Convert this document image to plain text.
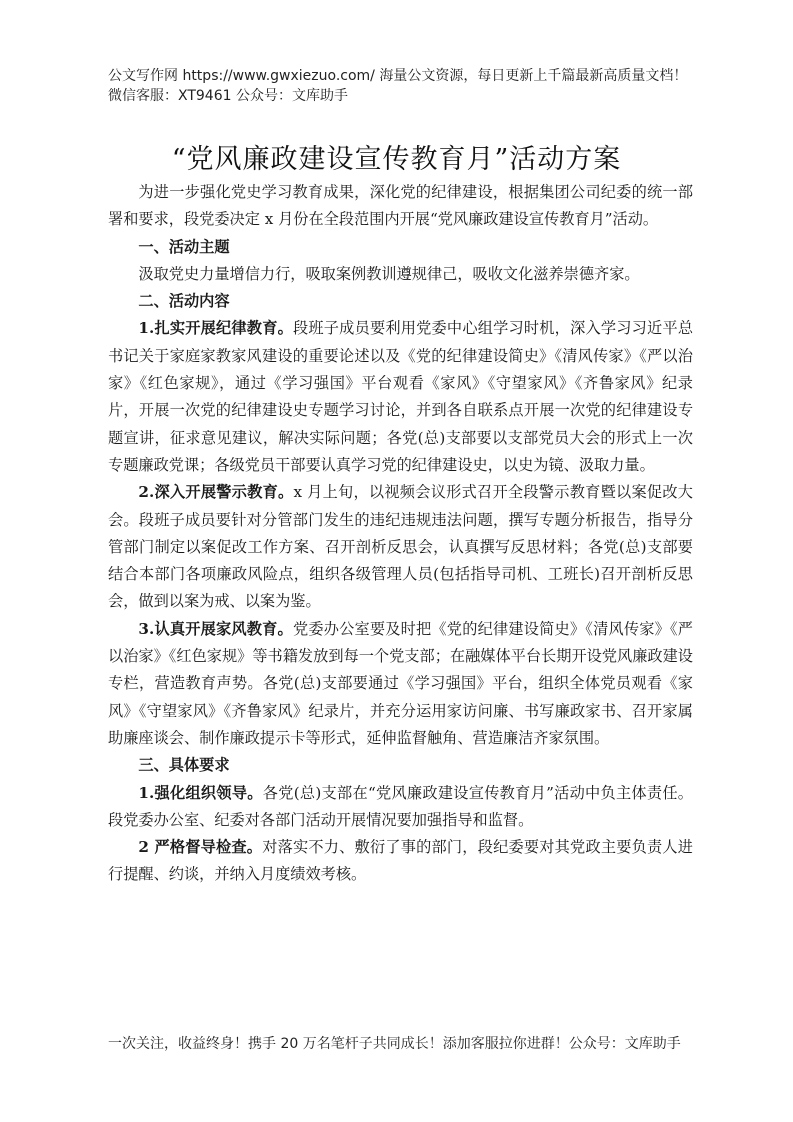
公文写作网 https://www.gwxiezuo.com/ 海量公文资源，每日更新上千篇最新高质量文档！微信客服：XT9461 公众号：文库助手
“党风廉政建设宣传教育月”活动方案

为进一步强化党史学习教育成果，深化党的纪律建设，根据集团公司纪委的统一部署和要求，段党委决定 x 月份在全段范围内开展“党风廉政建设宣传教育月”活动。

一、活动主题

汲取党史力量增信力行，吸取案例教训遵规律己，吸收文化滋养崇德齐家。

二、活动内容

1.扎实开展纪律教育。段班子成员要利用党委中心组学习时机，深入学习习近平总书记关于家庭家教家风建设的重要论述以及《党的纪律建设简史》《清风传家》《严以治家》《红色家规》，通过《学习强国》平台观看《家风》《守望家风》《齐鲁家风》纪录片，开展一次党的纪律建设史专题学习讨论，并到各自联系点开展一次党的纪律建设专题宣讲，征求意见建议，解决实际问题；各党(总)支部要以支部党员大会的形式上一次专题廉政党课；各级党员干部要认真学习党的纪律建设史，以史为镜、汲取力量。

2.深入开展警示教育。x 月上旬，以视频会议形式召开全段警示教育暨以案促改大会。段班子成员要针对分管部门发生的违纪违规违法问题，撰写专题分析报告，指导分管部门制定以案促改工作方案、召开剖析反思会，认真撰写反思材料；各党(总)支部要结合本部门各项廉政风险点，组织各级管理人员(包括指导司机、工班长)召开剖析反思会，做到以案为戒、以案为鉴。

3.认真开展家风教育。党委办公室要及时把《党的纪律建设简史》《清风传家》《严以治家》《红色家规》等书籍发放到每一个党支部；在融媒体平台长期开设党风廉政建设专栏，营造教育声势。各党(总)支部要通过《学习强国》平台，组织全体党员观看《家风》《守望家风》《齐鲁家风》纪录片，并充分运用家访问廉、书写廉政家书、召开家属助廉座谈会、制作廉政提示卡等形式，延伸监督触角、营造廉洁齐家氛围。

三、具体要求

1.强化组织领导。各党(总)支部在“党风廉政建设宣传教育月”活动中负主体责任。段党委办公室、纪委对各部门活动开展情况要加强指导和监督。

2 严格督导检查。对落实不力、敷衍了事的部门，段纪委要对其党政主要负责人进行提醒、约谈，并纳入月度绩效考核。

一次关注，收益终身！携手 20 万名笔杆子共同成长！添加客服拉你进群！公众号：文库助手
